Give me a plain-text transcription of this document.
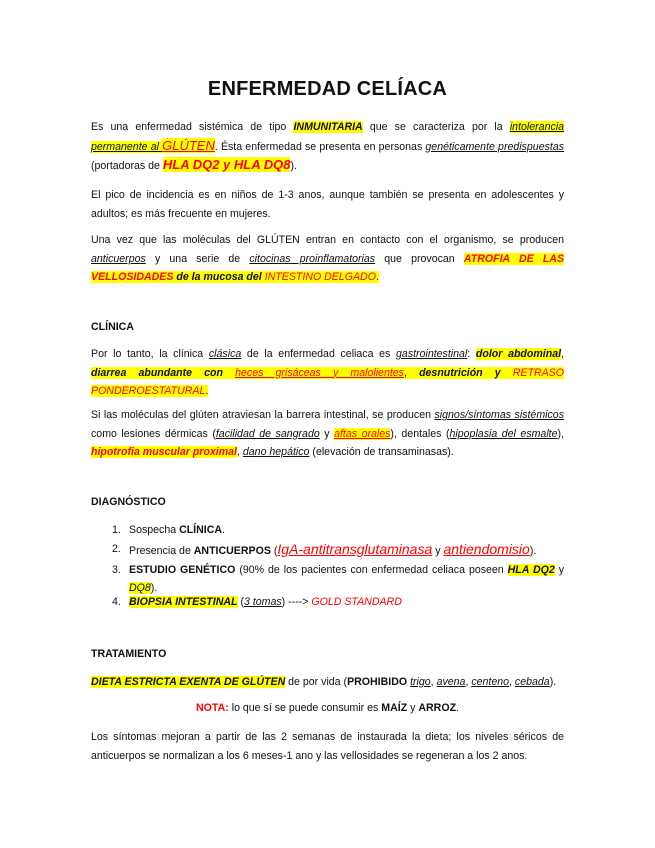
ENFERMEDAD CELÍACA
Es una enfermedad sistémica de tipo INMUNITARIA que se caracteriza por la intolerancia permanente al GLÚTEN. Ésta enfermedad se presenta en personas genéticamente predispuestas (portadoras de HLA DQ2 y HLA DQ8).
El pico de incidencia es en niños de 1-3 anos, aunque también se presenta en adolescentes y adultos; es más frecuente en mujeres.
Una vez que las moléculas del GLÚTEN entran en contacto con el organismo, se producen anticuerpos y una serie de citocinas proinflamatorias que provocan ATROFIA DE LAS VELLOSIDADES de la mucosa del INTESTINO DELGADO.
CLÍNICA
Por lo tanto, la clínica clásica de la enfermedad celiaca es gastrointestinal: dolor abdominal, diarrea abundante con heces grisáceas y malolientes, desnutrición y RETRASO PONDEROESTATURAL.
Si las moléculas del glúten atraviesan la barrera intestinal, se producen signos/síntomas sistémicos como lesiones dérmicas (facilidad de sangrado y aftas orales), dentales (hipoplasia del esmalte), hipotrofia muscular proximal, dano hepático (elevación de transaminasas).
DIAGNÓSTICO
1. Sospecha CLÍNICA.
2. Presencia de ANTICUERPOS (IgA-antitransglutaminasa y antiendomisio).
3. ESTUDIO GENÉTICO (90% de los pacientes con enfermedad celiaca poseen HLA DQ2 y DQ8).
4. BIOPSIA INTESTINAL (3 tomas) ----> GOLD STANDARD
TRATAMIENTO
DIETA ESTRICTA EXENTA DE GLÚTEN de por vida (PROHIBIDO trigo, avena, centeno, cebada).
NOTA: lo que sí se puede consumir es MAÍZ y ARROZ.
Los síntomas mejoran a partir de las 2 semanas de instaurada la dieta; los niveles séricos de anticuerpos se normalizan a los 6 meses-1 ano y las vellosidades se regeneran a los 2 anos.
